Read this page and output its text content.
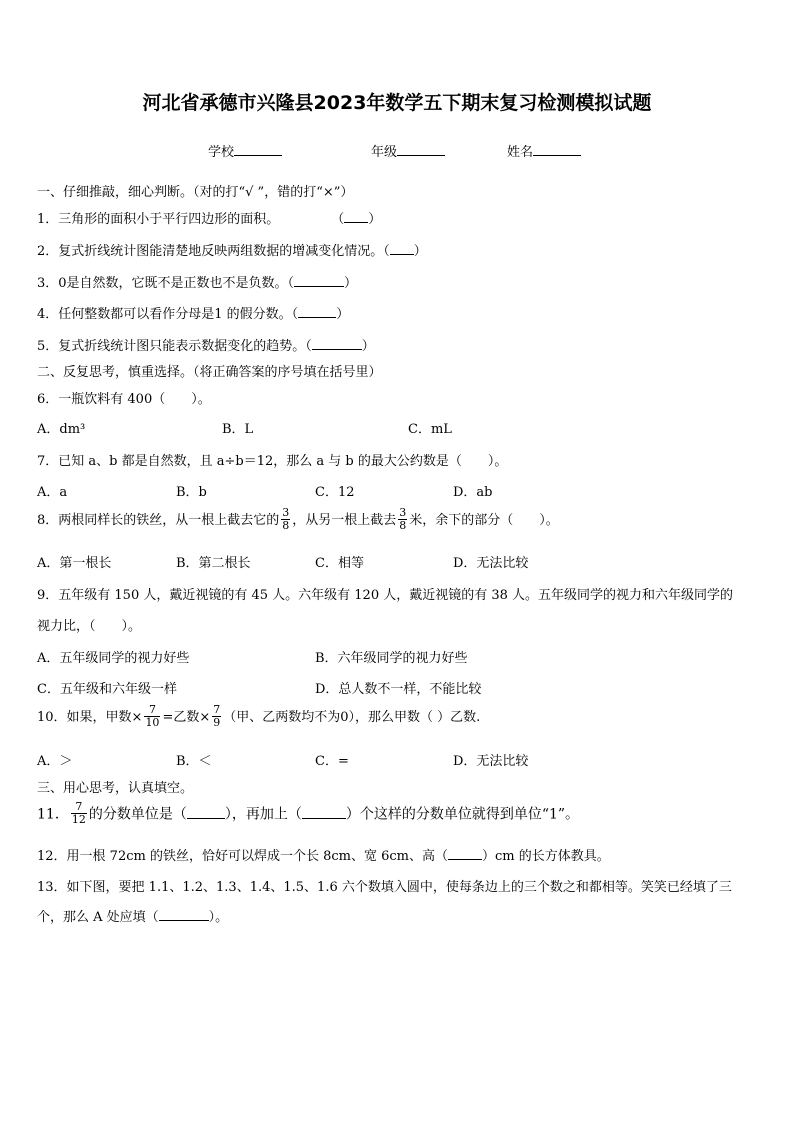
河北省承德市兴隆县2023年数学五下期末复习检测模拟试题
学校	年级	姓名
一、仔细推敲，细心判断。（对的打“√ ”，错的打“×”）
1．三角形的面积小于平行四边形的面积。	（ ）
2．复式折线统计图能清楚地反映两组数据的增减变化情况。（ ）
3．0是自然数，它既不是正数也不是负数。（	）
4．任何整数都可以看作分母是1 的假分数。（	）
5．复式折线统计图只能表示数据变化的趋势。（	）
二、反复思考，慎重选择。（将正确答案的序号填在括号里）
6．一瓶饮料有 400（　　）。
A．dm³	B．L	C．mL
7．已知 a、b 都是自然数，且 a÷b＝12，那么 a 与 b 的最大公约数是（　　）。
A．a	B．b	C．12	D．ab
8．两根同样长的铁丝，从一根上截去它的 $\frac{3}{8}$ ，从另一根上截去 $\frac{3}{8}$ 米，余下的部分（　　）。
A．第一根长	B．第二根长	C．相等	D．无法比较
9．五年级有 150 人，戴近视镜的有 45 人。六年级有 120 人，戴近视镜的有 38 人。五年级同学的视力和六年级同学的
视力比，（　　）。
A．五年级同学的视力好些	B．六年级同学的视力好些
C．五年级和六年级一样	D．总人数不一样，不能比较
10．如果，甲数× $\frac{7}{10}$ =乙数× $\frac{7}{9}$ （甲、乙两数均不为0），那么甲数（ ）乙数.
A．＞	B．＜	C．=	D．无法比较
三、用心思考，认真填空。
11． $\frac{7}{12}$ 的分数单位是（	），再加上（	）个这样的分数单位就得到单位“1”。
12．用一根 72cm 的铁丝，恰好可以焊成一个长 8cm、宽 6cm、高（	）cm 的长方体教具。
13．如下图，要把 1.1、1.2、1.3、1.4、1.5、1.6 六个数填入圆中，使每条边上的三个数之和都相等。笑笑已经填了三
个，那么 A 处应填（	）。
